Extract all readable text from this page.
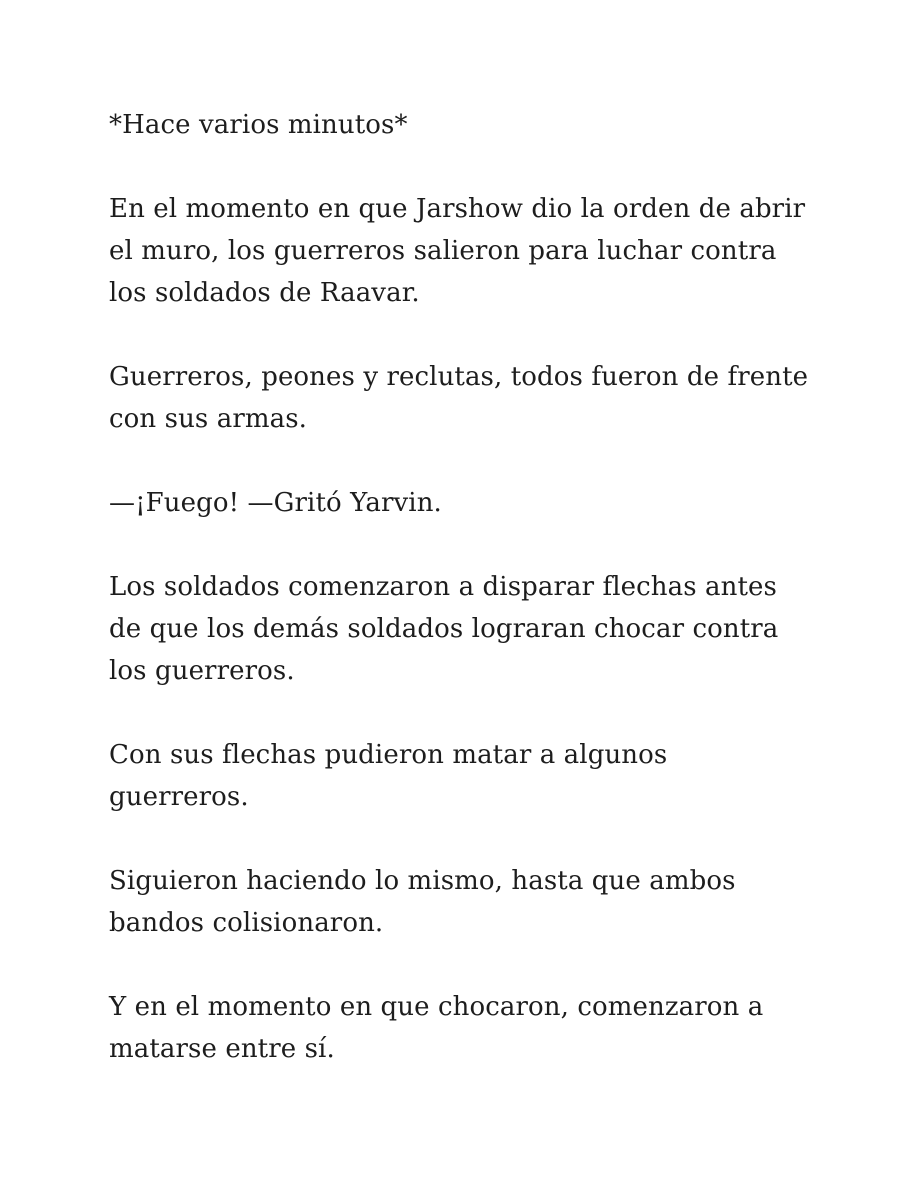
*Hace varios minutos*

En el momento en que Jarshow dio la orden de abrir el muro, los guerreros salieron para luchar contra los soldados de Raavar.

Guerreros, peones y reclutas, todos fueron de frente con sus armas.

—¡Fuego! —Gritó Yarvin.

Los soldados comenzaron a disparar flechas antes de que los demás soldados lograran chocar contra los guerreros.

Con sus flechas pudieron matar a algunos guerreros.

Siguieron haciendo lo mismo, hasta que ambos bandos colisionaron.

Y en el momento en que chocaron, comenzaron a matarse entre sí.
